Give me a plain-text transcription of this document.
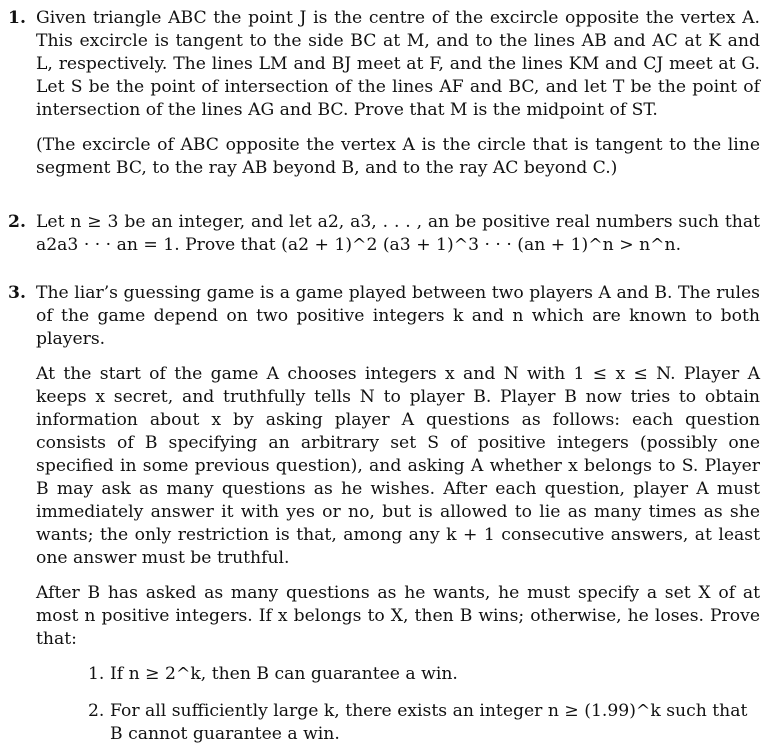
1. Given triangle ABC the point J is the centre of the excircle opposite the vertex A. This excircle is tangent to the side BC at M, and to the lines AB and AC at K and L, respectively. The lines LM and BJ meet at F, and the lines KM and CJ meet at G. Let S be the point of intersection of the lines AF and BC, and let T be the point of intersection of the lines AG and BC. Prove that M is the midpoint of ST.

(The excircle of ABC opposite the vertex A is the circle that is tangent to the line segment BC, to the ray AB beyond B, and to the ray AC beyond C.)

2. Let n ≥ 3 be an integer, and let a2, a3, . . . , an be positive real numbers such that a2a3 · · · an = 1. Prove that (a2 + 1)^2 (a3 + 1)^3 · · · (an + 1)^n > n^n.

3. The liar’s guessing game is a game played between two players A and B. The rules of the game depend on two positive integers k and n which are known to both players.

At the start of the game A chooses integers x and N with 1 ≤ x ≤ N. Player A keeps x secret, and truthfully tells N to player B. Player B now tries to obtain information about x by asking player A questions as follows: each question consists of B specifying an arbitrary set S of positive integers (possibly one specified in some previous question), and asking A whether x belongs to S. Player B may ask as many questions as he wishes. After each question, player A must immediately answer it with yes or no, but is allowed to lie as many times as she wants; the only restriction is that, among any k + 1 consecutive answers, at least one answer must be truthful.

After B has asked as many questions as he wants, he must specify a set X of at most n positive integers. If x belongs to X, then B wins; otherwise, he loses. Prove that:

1. If n ≥ 2^k, then B can guarantee a win.

2. For all sufficiently large k, there exists an integer n ≥ (1.99)^k such that B cannot guarantee a win.
